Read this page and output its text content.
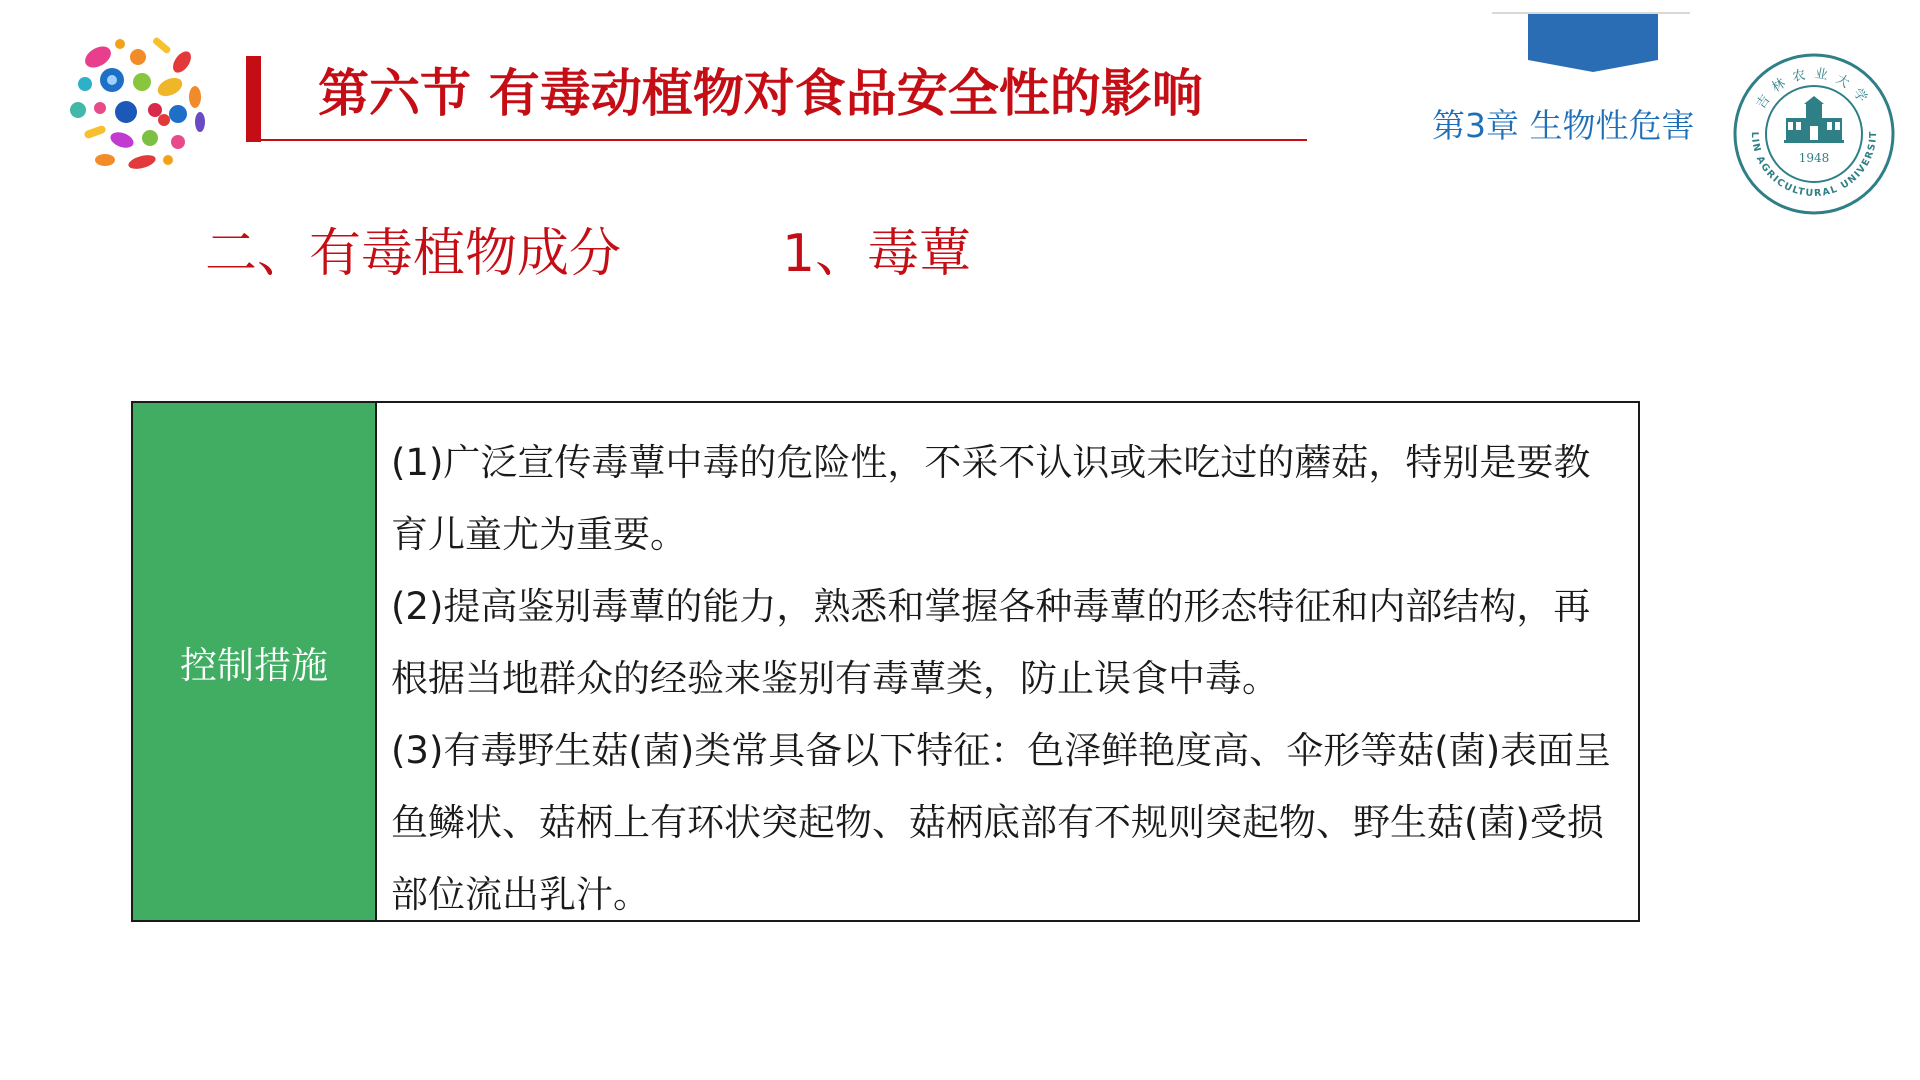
第六节 有毒动植物对食品安全性的影响
第3章 生物性危害
吉林农业大学
LIN AGRICULTURAL UNIVERSIT
1948
二、有毒植物成分	1、毒蕈
控制措施

(1)广泛宣传毒蕈中毒的危险性，不采不认识或未吃过的蘑菇，特别是要教育儿童尤为重要。

(2)提高鉴别毒蕈的能力，熟悉和掌握各种毒蕈的形态特征和内部结构，再根据当地群众的经验来鉴别有毒蕈类，防止误食中毒。

(3)有毒野生菇(菌)类常具备以下特征：色泽鲜艳度高、伞形等菇(菌)表面呈鱼鳞状、菇柄上有环状突起物、菇柄底部有不规则突起物、野生菇(菌)受损部位流出乳汁。
